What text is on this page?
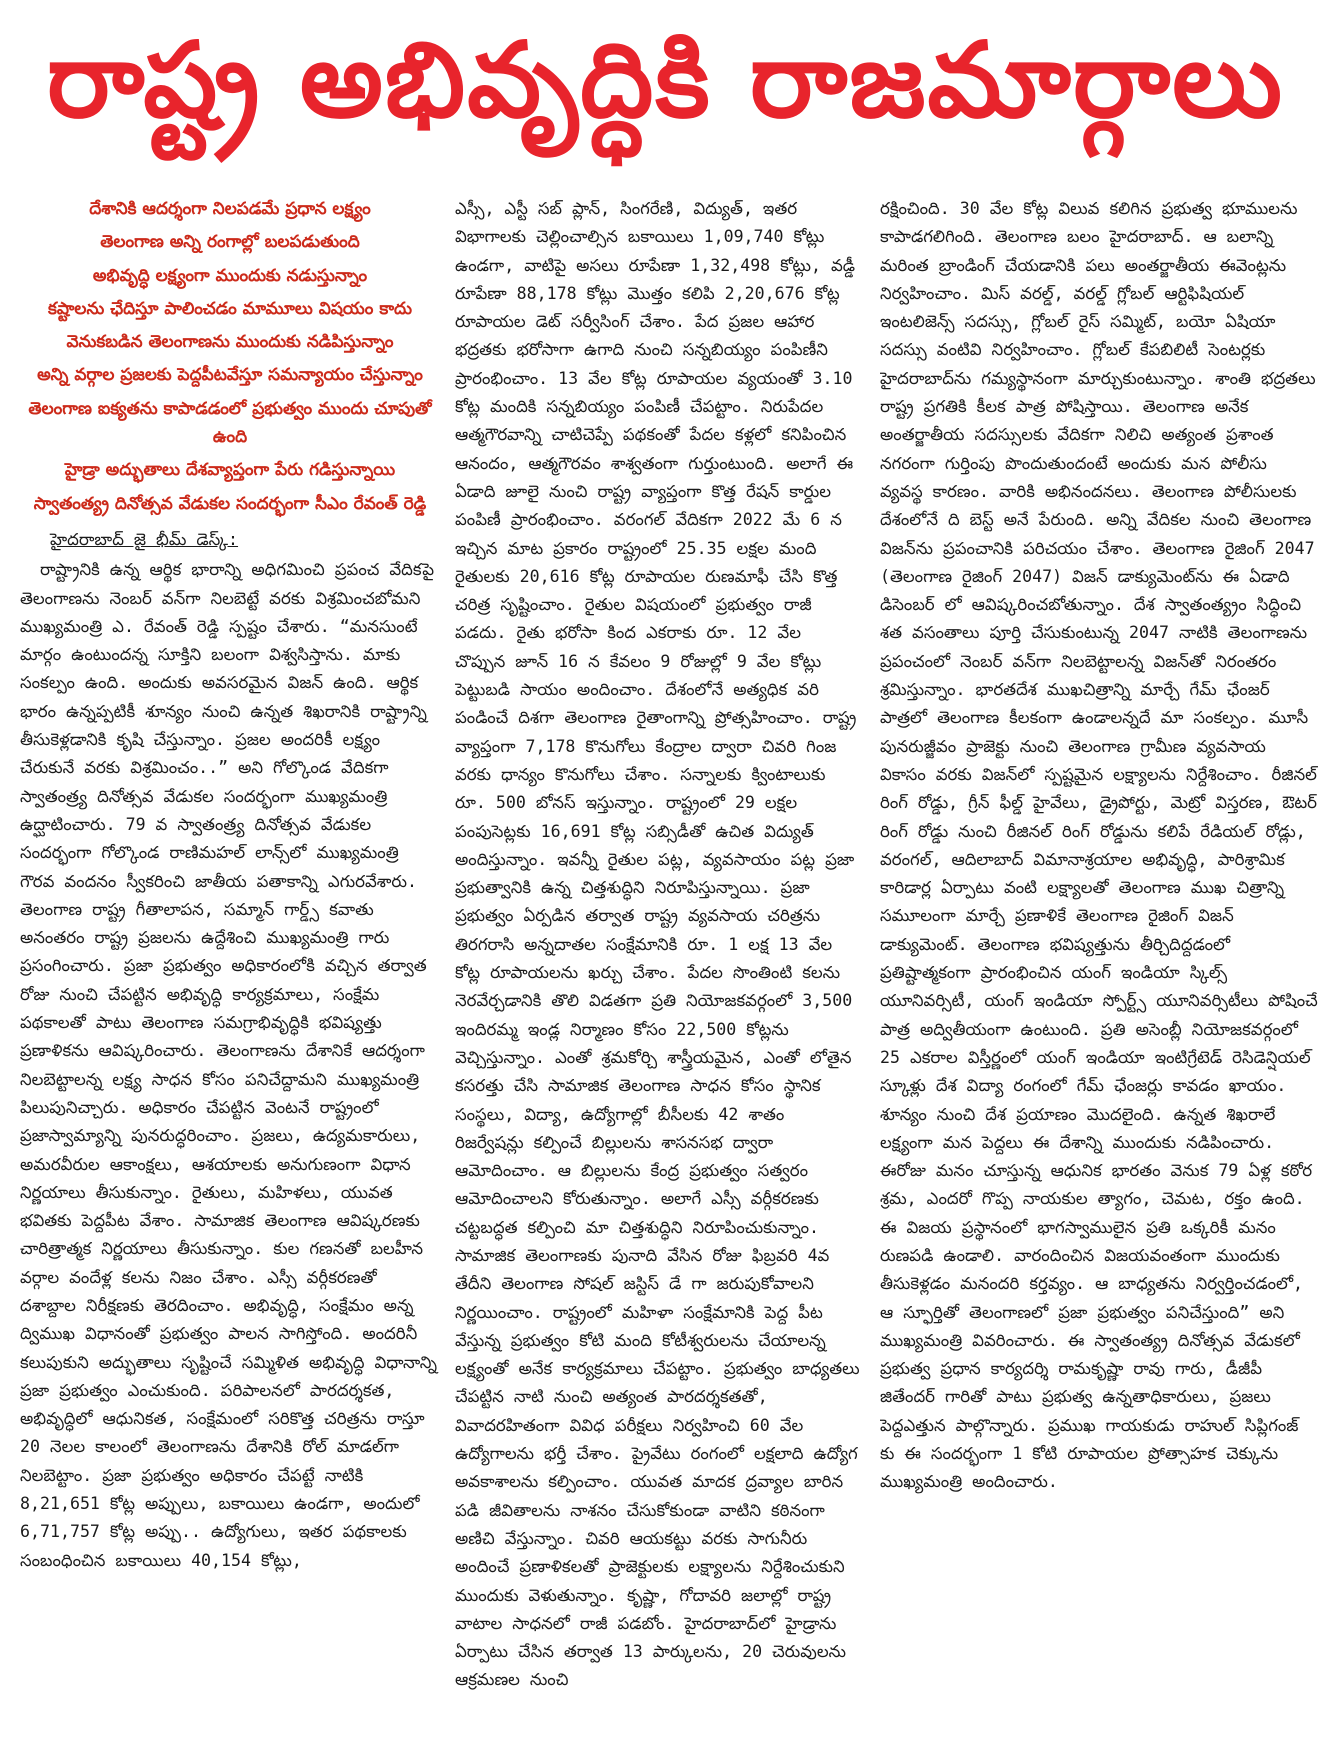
రాష్ట్ర అభివృద్ధికి రాజమార్గాలు
దేశానికి ఆదర్శంగా నిలపడమే ప్రధాన లక్ష్యం
తెలంగాణ అన్ని రంగాల్లో బలపడుతుంది
అభివృద్ధి లక్ష్యంగా ముందుకు నడుస్తున్నాం
కష్టాలను ఛేదిస్తూ పాలించడం మామూలు విషయం కాదు
వెనుకబడిన తెలంగాణను ముందుకు నడిపిస్తున్నాం
అన్ని వర్గాల ప్రజలకు పెద్దపీటవేస్తూ సమన్యాయం చేస్తున్నాం
తెలంగాణ ఐక్యతను కాపాడడంలో ప్రభుత్వం ముందు చూపుతో ఉంది
హైడ్రా అద్భుతాలు దేశవ్యాప్తంగా పేరు గడిస్తున్నాయి
స్వాతంత్య్ర దినోత్సవ వేడుకల సందర్భంగా సీఎం రేవంత్ రెడ్డి
హైదరాబాద్ జై భీమ్ డెస్క్:

రాష్ట్రానికి ఉన్న ఆర్థిక భారాన్ని అధిగమించి ప్రపంచ వేదికపై తెలంగాణను నెంబర్ వన్‌గా నిలబెట్టే వరకు విశ్రమించబోమని ముఖ్యమంత్రి ఎ. రేవంత్ రెడ్డి స్పష్టం చేశారు. “మనసుంటే మార్గం ఉంటుందన్న సూక్తిని బలంగా విశ్వసిస్తాను. మాకు సంకల్పం ఉంది. అందుకు అవసరమైన విజన్ ఉంది. ఆర్థిక భారం ఉన్నప్పటికీ శూన్యం నుంచి ఉన్నత శిఖరానికి రాష్ట్రాన్ని తీసుకెళ్లడానికి కృషి చేస్తున్నాం. ప్రజల అందరికీ లక్ష్యం చేరుకునే వరకు విశ్రమించం..” అని గోల్కొండ వేదికగా స్వాతంత్ర్య దినోత్సవ వేడుకల సందర్భంగా ముఖ్యమంత్రి ఉద్ఘాటించారు. 79 వ స్వాతంత్ర్య దినోత్సవ వేడుకల సందర్భంగా గోల్కొండ రాణిమహల్ లాన్స్‌లో ముఖ్యమంత్రి గౌరవ వందనం స్వీకరించి జాతీయ పతాకాన్ని ఎగురవేశారు. తెలంగాణ రాష్ట్ర గీతాలాపన, సమ్మాన్ గార్డ్స్ కవాతు అనంతరం రాష్ట్ర ప్రజలను ఉద్దేశించి ముఖ్యమంత్రి గారు ప్రసంగించారు. ప్రజా ప్రభుత్వం అధికారంలోకి వచ్చిన తర్వాత రోజు నుంచి చేపట్టిన అభివృద్ధి కార్యక్రమాలు, సంక్షేమ పథకాలతో పాటు తెలంగాణ సమగ్రాభివృద్ధికి భవిష్యత్తు ప్రణాళికను ఆవిష్కరించారు. తెలంగాణను దేశానికే ఆదర్శంగా నిలబెట్టాలన్న లక్ష్య సాధన కోసం పనిచేద్దామని ముఖ్యమంత్రి పిలుపునిచ్చారు. అధికారం చేపట్టిన వెంటనే రాష్ట్రంలో ప్రజాస్వామ్యాన్ని పునరుద్ధరించాం. ప్రజలు, ఉద్యమకారులు, అమరవీరుల ఆకాంక్షలు, ఆశయాలకు అనుగుణంగా విధాన నిర్ణయాలు తీసుకున్నాం. రైతులు, మహిళలు, యువత భవితకు పెద్దపీట వేశాం. సామాజిక తెలంగాణ ఆవిష్కరణకు చారిత్రాత్మక నిర్ణయాలు తీసుకున్నాం. కుల గణనతో బలహీన వర్గాల వందేళ్ల కలను నిజం చేశాం. ఎస్సీ వర్గీకరణతో దశాబ్దాల నిరీక్షణకు తెరదించాం. అభివృద్ధి, సంక్షేమం అన్న ద్విముఖ విధానంతో ప్రభుత్వం పాలన సాగిస్తోంది. అందరినీ కలుపుకుని అద్భుతాలు సృష్టించే సమ్మిళిత అభివృద్ధి విధానాన్ని ప్రజా ప్రభుత్వం ఎంచుకుంది. పరిపాలనలో పారదర్శకత, అభివృద్ధిలో ఆధునికత, సంక్షేమంలో సరికొత్త చరిత్రను రాస్తూ 20 నెలల కాలంలో తెలంగాణను దేశానికి రోల్ మాడల్‌గా నిలబెట్టాం. ప్రజా ప్రభుత్వం అధికారం చేపట్టే నాటికి 8,21,651 కోట్ల అప్పులు, బకాయిలు ఉండగా, అందులో 6,71,757 కోట్ల అప్పు.. ఉద్యోగులు, ఇతర పథకాలకు సంబంధించిన బకాయిలు 40,154 కోట్లు,

ఎస్సీ, ఎస్టీ సబ్ ప్లాన్, సింగరేణి, విద్యుత్, ఇతర విభాగాలకు చెల్లించాల్సిన బకాయిలు 1,09,740 కోట్లు ఉండగా, వాటిపై అసలు రూపేణా 1,32,498 కోట్లు, వడ్డీ రూపేణా 88,178 కోట్లు మొత్తం కలిపి 2,20,676 కోట్ల రూపాయల డెట్ సర్వీసింగ్ చేశాం. పేద ప్రజల ఆహార భద్రతకు భరోసాగా ఉగాది నుంచి సన్నబియ్యం పంపిణీని ప్రారంభించాం. 13 వేల కోట్ల రూపాయల వ్యయంతో 3.10 కోట్ల మందికి సన్నబియ్యం పంపిణీ చేపట్టాం. నిరుపేదల ఆత్మగౌరవాన్ని చాటిచెప్పే పథకంతో పేదల కళ్లలో కనిపించిన ఆనందం, ఆత్మగౌరవం శాశ్వతంగా గుర్తుంటుంది. అలాగే ఈ ఏడాది జూలై నుంచి రాష్ట్ర వ్యాప్తంగా కొత్త రేషన్ కార్డుల పంపిణీ ప్రారంభించాం. వరంగల్ వేదికగా 2022 మే 6 న ఇచ్చిన మాట ప్రకారం రాష్ట్రంలో 25.35 లక్షల మంది రైతులకు 20,616 కోట్ల రూపాయల రుణమాఫీ చేసి కొత్త చరిత్ర సృష్టించాం. రైతుల విషయంలో ప్రభుత్వం రాజీ పడదు. రైతు భరోసా కింద ఎకరాకు రూ. 12 వేల చొప్పున జూన్ 16 న కేవలం 9 రోజుల్లో 9 వేల కోట్లు పెట్టుబడి సాయం అందించాం. దేశంలోనే అత్యధిక వరి పండించే దిశగా తెలంగాణ రైతాంగాన్ని ప్రోత్సహించాం. రాష్ట్ర వ్యాప్తంగా 7,178 కొనుగోలు కేంద్రాల ద్వారా చివరి గింజ వరకు ధాన్యం కొనుగోలు చేశాం. సన్నాలకు క్వింటాలుకు రూ. 500 బోనస్ ఇస్తున్నాం. రాష్ట్రంలో 29 లక్షల పంపుసెట్లకు 16,691 కోట్ల సబ్సిడీతో ఉచిత విద్యుత్ అందిస్తున్నాం. ఇవన్నీ రైతుల పట్ల, వ్యవసాయం పట్ల ప్రజా ప్రభుత్వానికి ఉన్న చిత్తశుద్ధిని నిరూపిస్తున్నాయి. ప్రజా ప్రభుత్వం ఏర్పడిన తర్వాత రాష్ట్ర వ్యవసాయ చరిత్రను తిరగరాసి అన్నదాతల సంక్షేమానికి రూ. 1 లక్ష 13 వేల కోట్ల రూపాయలను ఖర్చు చేశాం. పేదల సొంతింటి కలను నెరవేర్చడానికి తొలి విడతగా ప్రతి నియోజకవర్గంలో 3,500 ఇందిరమ్మ ఇండ్ల నిర్మాణం కోసం 22,500 కోట్లను వెచ్చిస్తున్నాం. ఎంతో శ్రమకోర్చి శాస్త్రీయమైన, ఎంతో లోతైన కసరత్తు చేసి సామాజిక తెలంగాణ సాధన కోసం స్థానిక సంస్థలు, విద్యా, ఉద్యోగాల్లో బీసీలకు 42 శాతం రిజర్వేషన్లు కల్పించే బిల్లులను శాసనసభ ద్వారా ఆమోదించాం. ఆ బిల్లులను కేంద్ర ప్రభుత్వం సత్వరం ఆమోదించాలని కోరుతున్నాం. అలాగే ఎస్సీ వర్గీకరణకు చట్టబద్ధత కల్పించి మా చిత్తశుద్ధిని నిరూపించుకున్నాం. సామాజిక తెలంగాణకు పునాది వేసిన రోజు ఫిబ్రవరి 4వ తేదీని తెలంగాణ సోషల్ జస్టిస్ డే గా జరుపుకోవాలని నిర్ణయించాం. రాష్ట్రంలో మహిళా సంక్షేమానికి పెద్ద పీట వేస్తున్న ప్రభుత్వం కోటి మంది కోటీశ్వరులను చేయాలన్న లక్ష్యంతో అనేక కార్యక్రమాలు చేపట్టాం. ప్రభుత్వం బాధ్యతలు చేపట్టిన నాటి నుంచి అత్యంత పారదర్శకతతో, వివాదరహితంగా వివిధ పరీక్షలు నిర్వహించి 60 వేల ఉద్యోగాలను భర్తీ చేశాం. ప్రైవేటు రంగంలో లక్షలాది ఉద్యోగ అవకాశాలను కల్పించాం. యువత మాదక ద్రవ్యాల బారిన పడి జీవితాలను నాశనం చేసుకోకుండా వాటిని కఠినంగా అణిచి వేస్తున్నాం. చివరి ఆయకట్టు వరకు సాగునీరు అందించే ప్రణాళికలతో ప్రాజెక్టులకు లక్ష్యాలను నిర్దేశించుకుని ముందుకు వెళుతున్నాం. కృష్ణా, గోదావరి జలాల్లో రాష్ట్ర వాటాల సాధనలో రాజీ పడబోం. హైదరాబాద్‌లో హైడ్రాను ఏర్పాటు చేసిన తర్వాత 13 పార్కులను, 20 చెరువులను ఆక్రమణల నుంచి

రక్షించింది. 30 వేల కోట్ల విలువ కలిగిన ప్రభుత్వ భూములను కాపాడగలిగింది. తెలంగాణ బలం హైదరాబాద్. ఆ బలాన్ని మరింత బ్రాండింగ్ చేయడానికి పలు అంతర్జాతీయ ఈవెంట్లను నిర్వహించాం. మిస్ వరల్డ్, వరల్డ్ గ్లోబల్ ఆర్టిఫిషియల్ ఇంటలిజెన్స్ సదస్సు, గ్లోబల్ రైస్ సమ్మిట్, బయో ఏషియా సదస్సు వంటివి నిర్వహించాం. గ్లోబల్ కేపబిలిటీ సెంటర్లకు హైదరాబాద్‌ను గమ్యస్థానంగా మార్చుకుంటున్నాం. శాంతి భద్రతలు రాష్ట్ర ప్రగతికి కీలక పాత్ర పోషిస్తాయి. తెలంగాణ అనేక అంతర్జాతీయ సదస్సులకు వేదికగా నిలిచి అత్యంత ప్రశాంత నగరంగా గుర్తింపు పొందుతుందంటే అందుకు మన పోలీసు వ్యవస్థ కారణం. వారికి అభినందనలు. తెలంగాణ పోలీసులకు దేశంలోనే ది బెస్ట్ అనే పేరుంది. అన్ని వేదికల నుంచి తెలంగాణ విజన్‌ను ప్రపంచానికి పరిచయం చేశాం. తెలంగాణ రైజింగ్ 2047 (తెలంగాణ రైజింగ్ 2047) విజన్ డాక్యుమెంట్‌ను ఈ ఏడాది డిసెంబర్ లో ఆవిష్కరించబోతున్నాం. దేశ స్వాతంత్య్రం సిద్ధించి శత వసంతాలు పూర్తి చేసుకుంటున్న 2047 నాటికి తెలంగాణను ప్రపంచంలో నెంబర్ వన్‌గా నిలబెట్టాలన్న విజన్‌తో నిరంతరం శ్రమిస్తున్నాం. భారతదేశ ముఖచిత్రాన్ని మార్చే గేమ్ ఛేంజర్ పాత్రలో తెలంగాణ కీలకంగా ఉండాలన్నదే మా సంకల్పం. మూసీ పునరుజ్జీవం ప్రాజెక్టు నుంచి తెలంగాణ గ్రామీణ వ్యవసాయ వికాసం వరకు విజన్‌లో స్పష్టమైన లక్ష్యాలను నిర్దేశించాం. రీజినల్ రింగ్ రోడ్డు, గ్రీన్ ఫీల్డ్ హైవేలు, డ్రైపోర్టు, మెట్రో విస్తరణ, ఔటర్ రింగ్ రోడ్డు నుంచి రీజినల్ రింగ్ రోడ్డును కలిపే రేడియల్ రోడ్లు, వరంగల్, ఆదిలాబాద్ విమానాశ్రయాల అభివృద్ధి, పారిశ్రామిక కారిడార్ల ఏర్పాటు వంటి లక్ష్యాలతో తెలంగాణ ముఖ చిత్రాన్ని సమూలంగా మార్చే ప్రణాళికే తెలంగాణ రైజింగ్ విజన్ డాక్యుమెంట్. తెలంగాణ భవిష్యత్తును తీర్చిదిద్దడంలో ప్రతిష్టాత్మకంగా ప్రారంభించిన యంగ్ ఇండియా స్కిల్స్ యూనివర్సిటీ, యంగ్ ఇండియా స్పోర్ట్స్ యూనివర్సిటీలు పోషించే పాత్ర అద్వితీయంగా ఉంటుంది. ప్రతి అసెంబ్లీ నియోజకవర్గంలో 25 ఎకరాల విస్తీర్ణంలో యంగ్ ఇండియా ఇంటిగ్రేటెడ్ రెసిడెన్షియల్ స్కూళ్లు దేశ విద్యా రంగంలో గేమ్ ఛేంజర్లు కావడం ఖాయం. శూన్యం నుంచి దేశ ప్రయాణం మొదలైంది. ఉన్నత శిఖరాలే లక్ష్యంగా మన పెద్దలు ఈ దేశాన్ని ముందుకు నడిపించారు. ఈరోజు మనం చూస్తున్న ఆధునిక భారతం వెనుక 79 ఏళ్ల కఠోర శ్రమ, ఎందరో గొప్ప నాయకుల త్యాగం, చెమట, రక్తం ఉంది. ఈ విజయ ప్రస్థానంలో భాగస్వాములైన ప్రతి ఒక్కరికీ మనం రుణపడి ఉండాలి. వారందించిన విజయవంతంగా ముందుకు తీసుకెళ్లడం మనందరి కర్తవ్యం. ఆ బాధ్యతను నిర్వర్తించడంలో, ఆ స్ఫూర్తితో తెలంగాణలో ప్రజా ప్రభుత్వం పనిచేస్తుంది” అని ముఖ్యమంత్రి వివరించారు. ఈ స్వాతంత్య్ర దినోత్సవ వేడుకలో ప్రభుత్వ ప్రధాన కార్యదర్శి రామకృష్ణా రావు గారు, డీజీపీ జితేందర్ గారితో పాటు ప్రభుత్వ ఉన్నతాధికారులు, ప్రజలు పెద్దఎత్తున పాల్గొన్నారు. ప్రముఖ గాయకుడు రాహుల్ సిప్లిగంజ్ కు ఈ సందర్భంగా 1 కోటి రూపాయల ప్రోత్సాహక చెక్కును ముఖ్యమంత్రి అందించారు.
